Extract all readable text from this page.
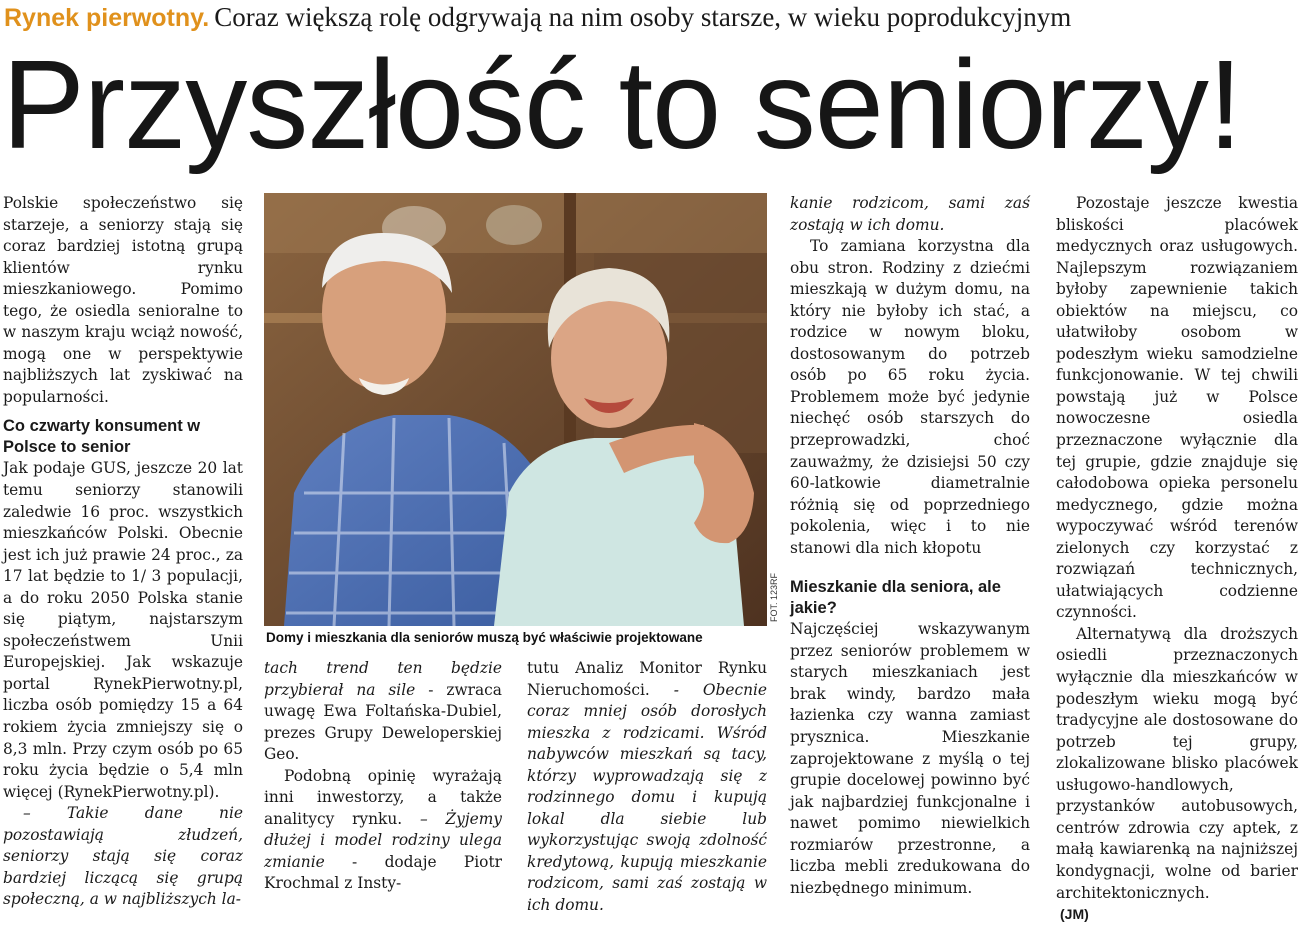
Rynek pierwotny. Coraz większą rolę odgrywają na nim osoby starsze, w wieku poprodukcyjnym
Przyszłość to seniorzy!

Polskie społeczeństwo się starzeje, a seniorzy stają się coraz bardziej istotną grupą klientów rynku mieszkaniowego. Pomimo tego, że osiedla senioralne to w naszym kraju wciąż nowość, mogą one w perspektywie najbliższych lat zyskiwać na popularności.

Co czwarty konsument w Polsce to senior

Jak podaje GUS, jeszcze 20 lat temu seniorzy stanowili zaledwie 16 proc. wszystkich mieszkańców Polski. Obecnie jest ich już prawie 24 proc., za 17 lat będzie to 1/ 3 populacji, a do roku 2050 Polska stanie się piątym, najstarszym społeczeństwem Unii Europejskiej. Jak wskazuje portal RynekPierwotny.pl, liczba osób pomiędzy 15 a 64 rokiem życia zmniejszy się o 8,3 mln. Przy czym osób po 65 roku życia będzie o 5,4 mln więcej (RynekPierwotny.pl).

– Takie dane nie pozostawiają złudzeń, seniorzy stają się coraz bardziej liczącą się grupą społeczną, a w najbliższych la-

FOT. 123RF
Domy i mieszkania dla seniorów muszą być właściwie projektowane

tach trend ten będzie przybierał na sile - zwraca uwagę Ewa Foltańska-Dubiel, prezes Grupy Deweloperskiej Geo.

Podobną opinię wyrażają inni inwestorzy, a także analitycy rynku. – Żyjemy dłużej i model rodziny ulega zmianie - dodaje Piotr Krochmal z Insty-

tutu Analiz Monitor Rynku Nieruchomości. - Obecnie coraz mniej osób dorosłych mieszka z rodzicami. Wśród nabywców mieszkań są tacy, którzy wyprowadzają się z rodzinnego domu i kupują lokal dla siebie lub wykorzystując swoją zdolność kredytową, kupują mieszkanie rodzicom, sami zaś zostają w ich domu.

kanie rodzicom, sami zaś zostają w ich domu.

To zamiana korzystna dla obu stron. Rodziny z dziećmi mieszkają w dużym domu, na który nie byłoby ich stać, a rodzice w nowym bloku, dostosowanym do potrzeb osób po 65 roku życia. Problemem może być jedynie niechęć osób starszych do przeprowadzki, choć zauważmy, że dzisiejsi 50 czy 60-latkowie diametralnie różnią się od poprzedniego pokolenia, więc i to nie stanowi dla nich kłopotu

Mieszkanie dla seniora, ale jakie?

Najczęściej wskazywanym przez seniorów problemem w starych mieszkaniach jest brak windy, bardzo mała łazienka czy wanna zamiast prysznica. Mieszkanie zaprojektowane z myślą o tej grupie docelowej powinno być jak najbardziej funkcjonalne i nawet pomimo niewielkich rozmiarów przestronne, a liczba mebli zredukowana do niezbędnego minimum.

Pozostaje jeszcze kwestia bliskości placówek medycznych oraz usługowych. Najlepszym rozwiązaniem byłoby zapewnienie takich obiektów na miejscu, co ułatwiłoby osobom w podeszłym wieku samodzielne funkcjonowanie. W tej chwili powstają już w Polsce nowoczesne osiedla przeznaczone wyłącznie dla tej grupie, gdzie znajduje się całodobowa opieka personelu medycznego, gdzie można wypoczywać wśród terenów zielonych czy korzystać z rozwiązań technicznych, ułatwiających codzienne czynności.

Alternatywą dla droższych osiedli przeznaczonych wyłącznie dla mieszkańców w podeszłym wieku mogą być tradycyjne ale dostosowane do potrzeb tej grupy, zlokalizowane blisko placówek usługowo-handlowych, przystanków autobusowych, centrów zdrowia czy aptek, z małą kawiarenką na najniższej kondygnacji, wolne od barier architektonicznych.

(JM)
